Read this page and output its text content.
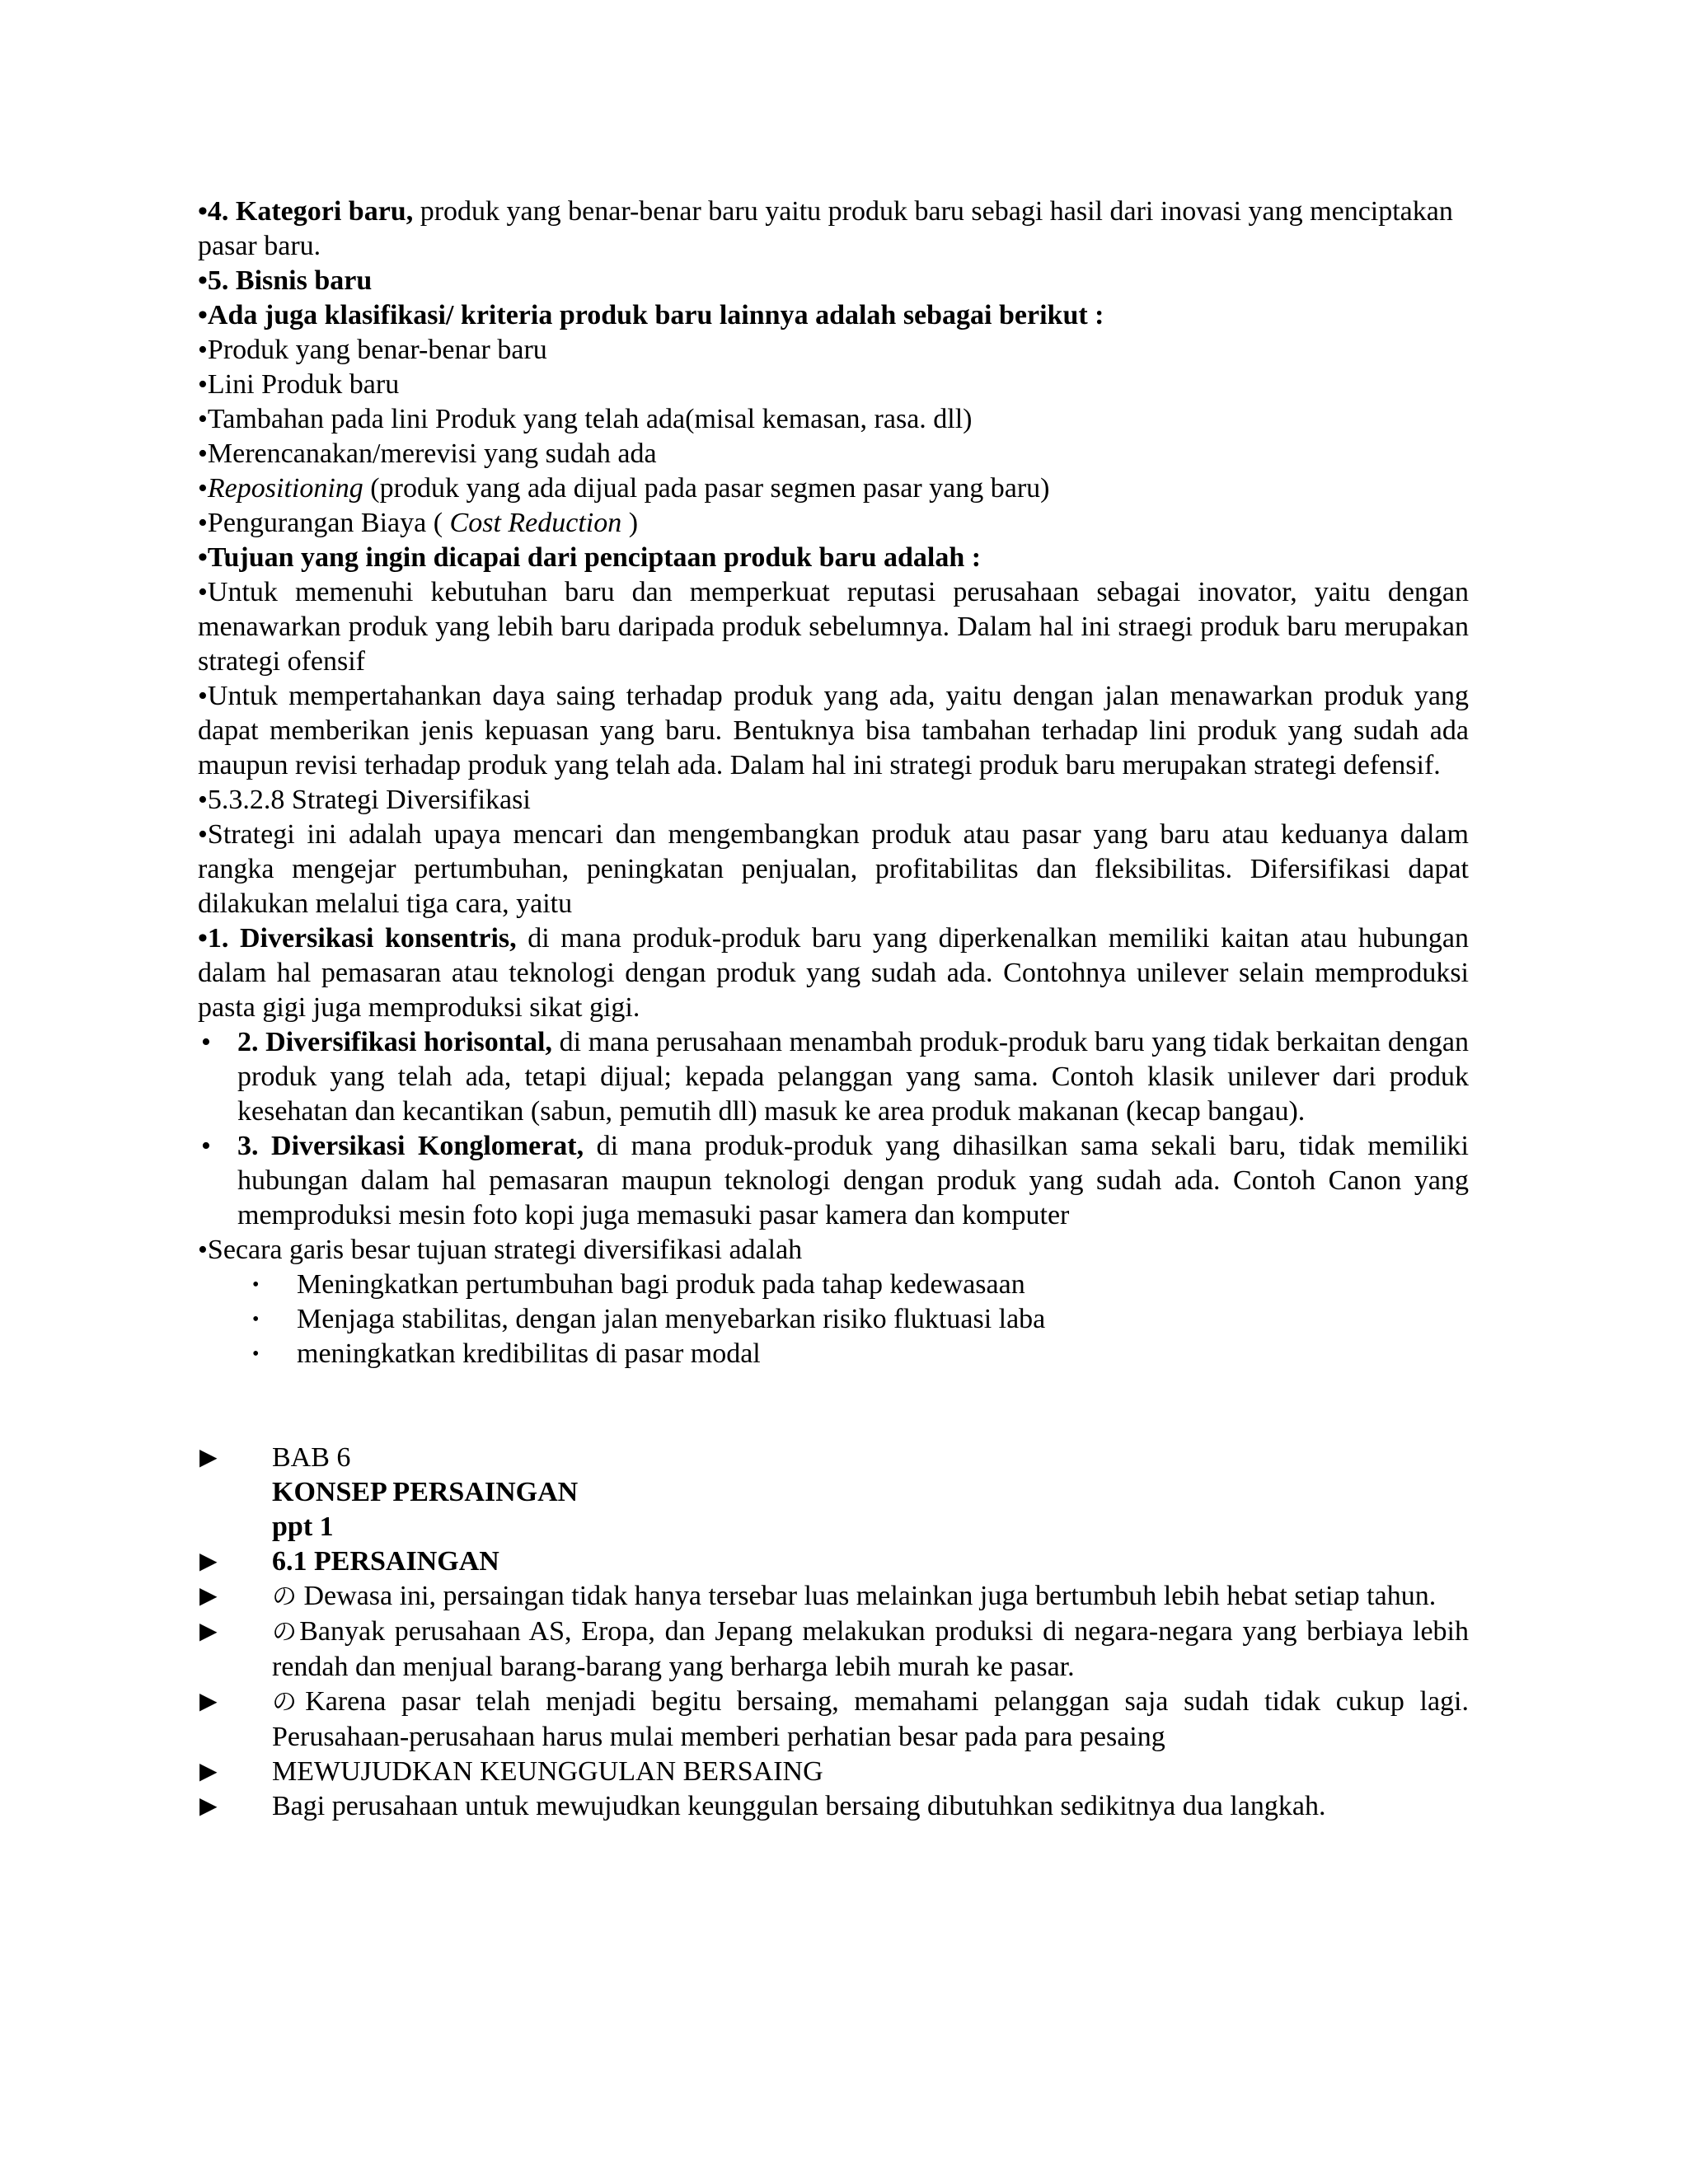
•4. Kategori baru, produk yang benar-benar baru yaitu produk baru sebagi hasil dari inovasi yang menciptakan pasar baru.
•5. Bisnis baru
•Ada juga klasifikasi/ kriteria produk baru lainnya adalah sebagai berikut :
•Produk yang benar-benar baru
•Lini Produk baru
•Tambahan pada lini Produk yang telah ada(misal kemasan, rasa. dll)
•Merencanakan/merevisi yang sudah ada
•Repositioning (produk yang ada dijual pada pasar segmen pasar yang baru)
•Pengurangan Biaya ( Cost Reduction )
•Tujuan yang ingin dicapai dari penciptaan produk baru adalah :
•Untuk memenuhi kebutuhan baru dan memperkuat reputasi perusahaan sebagai inovator, yaitu dengan menawarkan produk yang lebih baru daripada produk sebelumnya. Dalam hal ini straegi produk baru merupakan strategi ofensif
•Untuk mempertahankan daya saing terhadap produk yang ada, yaitu dengan jalan menawarkan produk yang dapat memberikan jenis kepuasan yang baru. Bentuknya bisa tambahan terhadap lini produk yang sudah ada maupun revisi terhadap produk yang telah ada. Dalam hal ini strategi produk baru merupakan strategi defensif.
•5.3.2.8 Strategi Diversifikasi
•Strategi ini adalah upaya mencari dan mengembangkan produk atau pasar yang baru atau keduanya dalam rangka mengejar pertumbuhan, peningkatan penjualan, profitabilitas dan fleksibilitas. Difersifikasi dapat dilakukan melalui tiga cara, yaitu
•1. Diversikasi konsentris, di mana produk-produk baru yang diperkenalkan memiliki kaitan atau hubungan dalam hal pemasaran atau teknologi dengan produk yang sudah ada. Contohnya unilever selain memproduksi pasta gigi juga memproduksi sikat gigi.
• 2. Diversifikasi horisontal, di mana perusahaan menambah produk-produk baru yang tidak berkaitan dengan produk yang telah ada, tetapi dijual; kepada pelanggan yang sama. Contoh klasik unilever dari produk kesehatan dan kecantikan (sabun, pemutih dll) masuk ke area produk makanan (kecap bangau).
• 3. Diversikasi Konglomerat, di mana produk-produk yang dihasilkan sama sekali baru, tidak memiliki hubungan dalam hal pemasaran maupun teknologi dengan produk yang sudah ada. Contoh Canon yang memproduksi mesin foto kopi juga memasuki pasar kamera dan komputer
•Secara garis besar tujuan strategi diversifikasi adalah
•	Meningkatkan pertumbuhan bagi produk pada tahap kedewasaan
•	Menjaga stabilitas, dengan jalan menyebarkan risiko fluktuasi laba
•	meningkatkan kredibilitas di pasar modal
▶	BAB 6
KONSEP PERSAINGAN
ppt 1
▶	6.1 PERSAINGAN
▶	の Dewasa ini, persaingan tidak hanya tersebar luas melainkan juga bertumbuh lebih hebat setiap tahun.
▶	のBanyak perusahaan AS, Eropa, dan Jepang melakukan produksi di negara-negara yang berbiaya lebih rendah dan menjual barang-barang yang berharga lebih murah ke pasar.
▶	のKarena pasar telah menjadi begitu bersaing, memahami pelanggan saja sudah tidak cukup lagi. Perusahaan-perusahaan harus mulai memberi perhatian besar pada para pesaing
▶	MEWUJUDKAN KEUNGGULAN BERSAING
▶	Bagi perusahaan untuk mewujudkan keunggulan bersaing dibutuhkan sedikitnya dua langkah.
